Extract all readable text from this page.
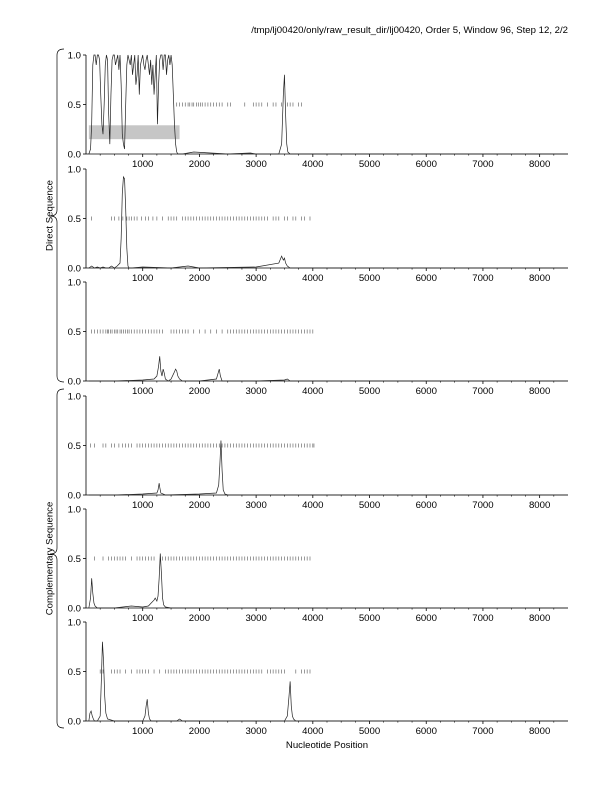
/tmp/lj00420/only/raw_result_dir/lj00420, Order 5, Window 96, Step 12, 2/2
0.0
0.5
1.0
1000	2000	3000	4000	5000	6000	7000	8000
0.0
0.5
1.0
1000	2000	3000	4000	5000	6000	7000	8000
0.0
0.5
1.0
1000	2000	3000	4000	5000	6000	7000	8000
0.0
0.5
1.0
1000	2000	3000	4000	5000	6000	7000	8000
0.0
0.5
1.0
1000	2000	3000	4000	5000	6000	7000	8000
0.0
0.5
1.0
1000	2000	3000	4000	5000	6000	7000	8000
Direct Sequence
Complementary Sequence
Nucleotide Position
